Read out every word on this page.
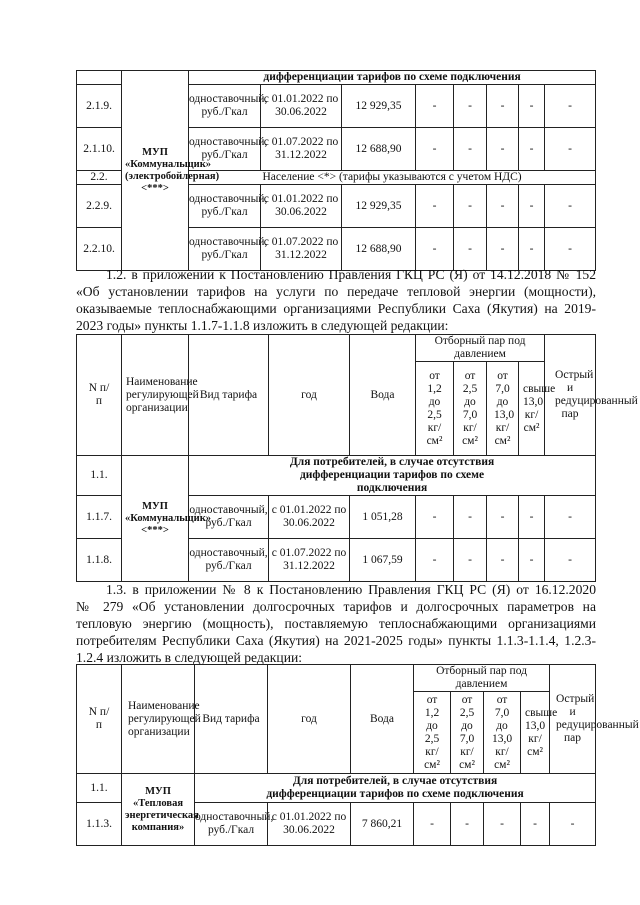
	МУП «Коммунальщик» (электробойлерная) <***>	дифференциации тарифов по схеме подключения							
2.1.9.		одноставочный, руб./Гкал	с 01.01.2022 по 30.06.2022	12 929,35	-	-	-	-	-
2.1.10.		одноставочный, руб./Гкал	с 01.07.2022 по 31.12.2022	12 688,90	-	-	-	-	-
2.2.		Население <*> (тарифы указываются с учетом НДС)							
2.2.9.		одноставочный, руб./Гкал	с 01.01.2022 по 30.06.2022	12 929,35	-	-	-	-	-
2.2.10.		одноставочный, руб./Гкал	с 01.07.2022 по 31.12.2022	12 688,90	-	-	-	-	-
1.2. в приложении к Постановлению Правления ГКЦ РС (Я) от 14.12.2018 № 152
«Об установлении тарифов на услуги по передаче тепловой энергии (мощности),
оказываемые теплоснабжающими организациями Республики Саха (Якутия) на 2019-
2023 годы» пункты 1.1.7-1.1.8 изложить в следующей редакции:
N п/п	Наименование регулирующей организации	Вид тарифа	год	Вода	Отборный пар под давлением				Острый и редуцированный пар
					от 1,2 до 2,5 кг/см²	от 2,5 до 7,0 кг/см²	от 7,0 до 13,0 кг/см²	свыше 13,0 кг/см²	
1.1.	МУП «Коммунальщик» <***>	Для потребителей, в случае отсутствия дифференциации тарифов по схеме подключения							
1.1.7.		одноставочный, руб./Гкал	с 01.01.2022 по 30.06.2022	1 051,28	-	-	-	-	-
1.1.8.		одноставочный, руб./Гкал	с 01.07.2022 по 31.12.2022	1 067,59	-	-	-	-	-
1.3. в приложении № 8 к Постановлению Правления ГКЦ РС (Я) от 16.12.2020
№ 279 «Об установлении долгосрочных тарифов и долгосрочных параметров на
тепловую энергию (мощность), поставляемую теплоснабжающими организациями
потребителям Республики Саха (Якутия) на 2021-2025 годы» пункты 1.1.3-1.1.4, 1.2.3-
1.2.4 изложить в следующей редакции:
N п/п	Наименование регулирующей организации	Вид тарифа	год	Вода	Отборный пар под давлением				Острый и редуцированный пар
					от 1,2 до 2,5 кг/см²	от 2,5 до 7,0 кг/см²	от 7,0 до 13,0 кг/см²	свыше 13,0 кг/см²	
1.1.	МУП «Тепловая энергетическая компания»	Для потребителей, в случае отсутствия дифференциации тарифов по схеме подключения							
1.1.3.		одноставочный, руб./Гкал	с 01.01.2022 по 30.06.2022	7 860,21	-	-	-	-	-
